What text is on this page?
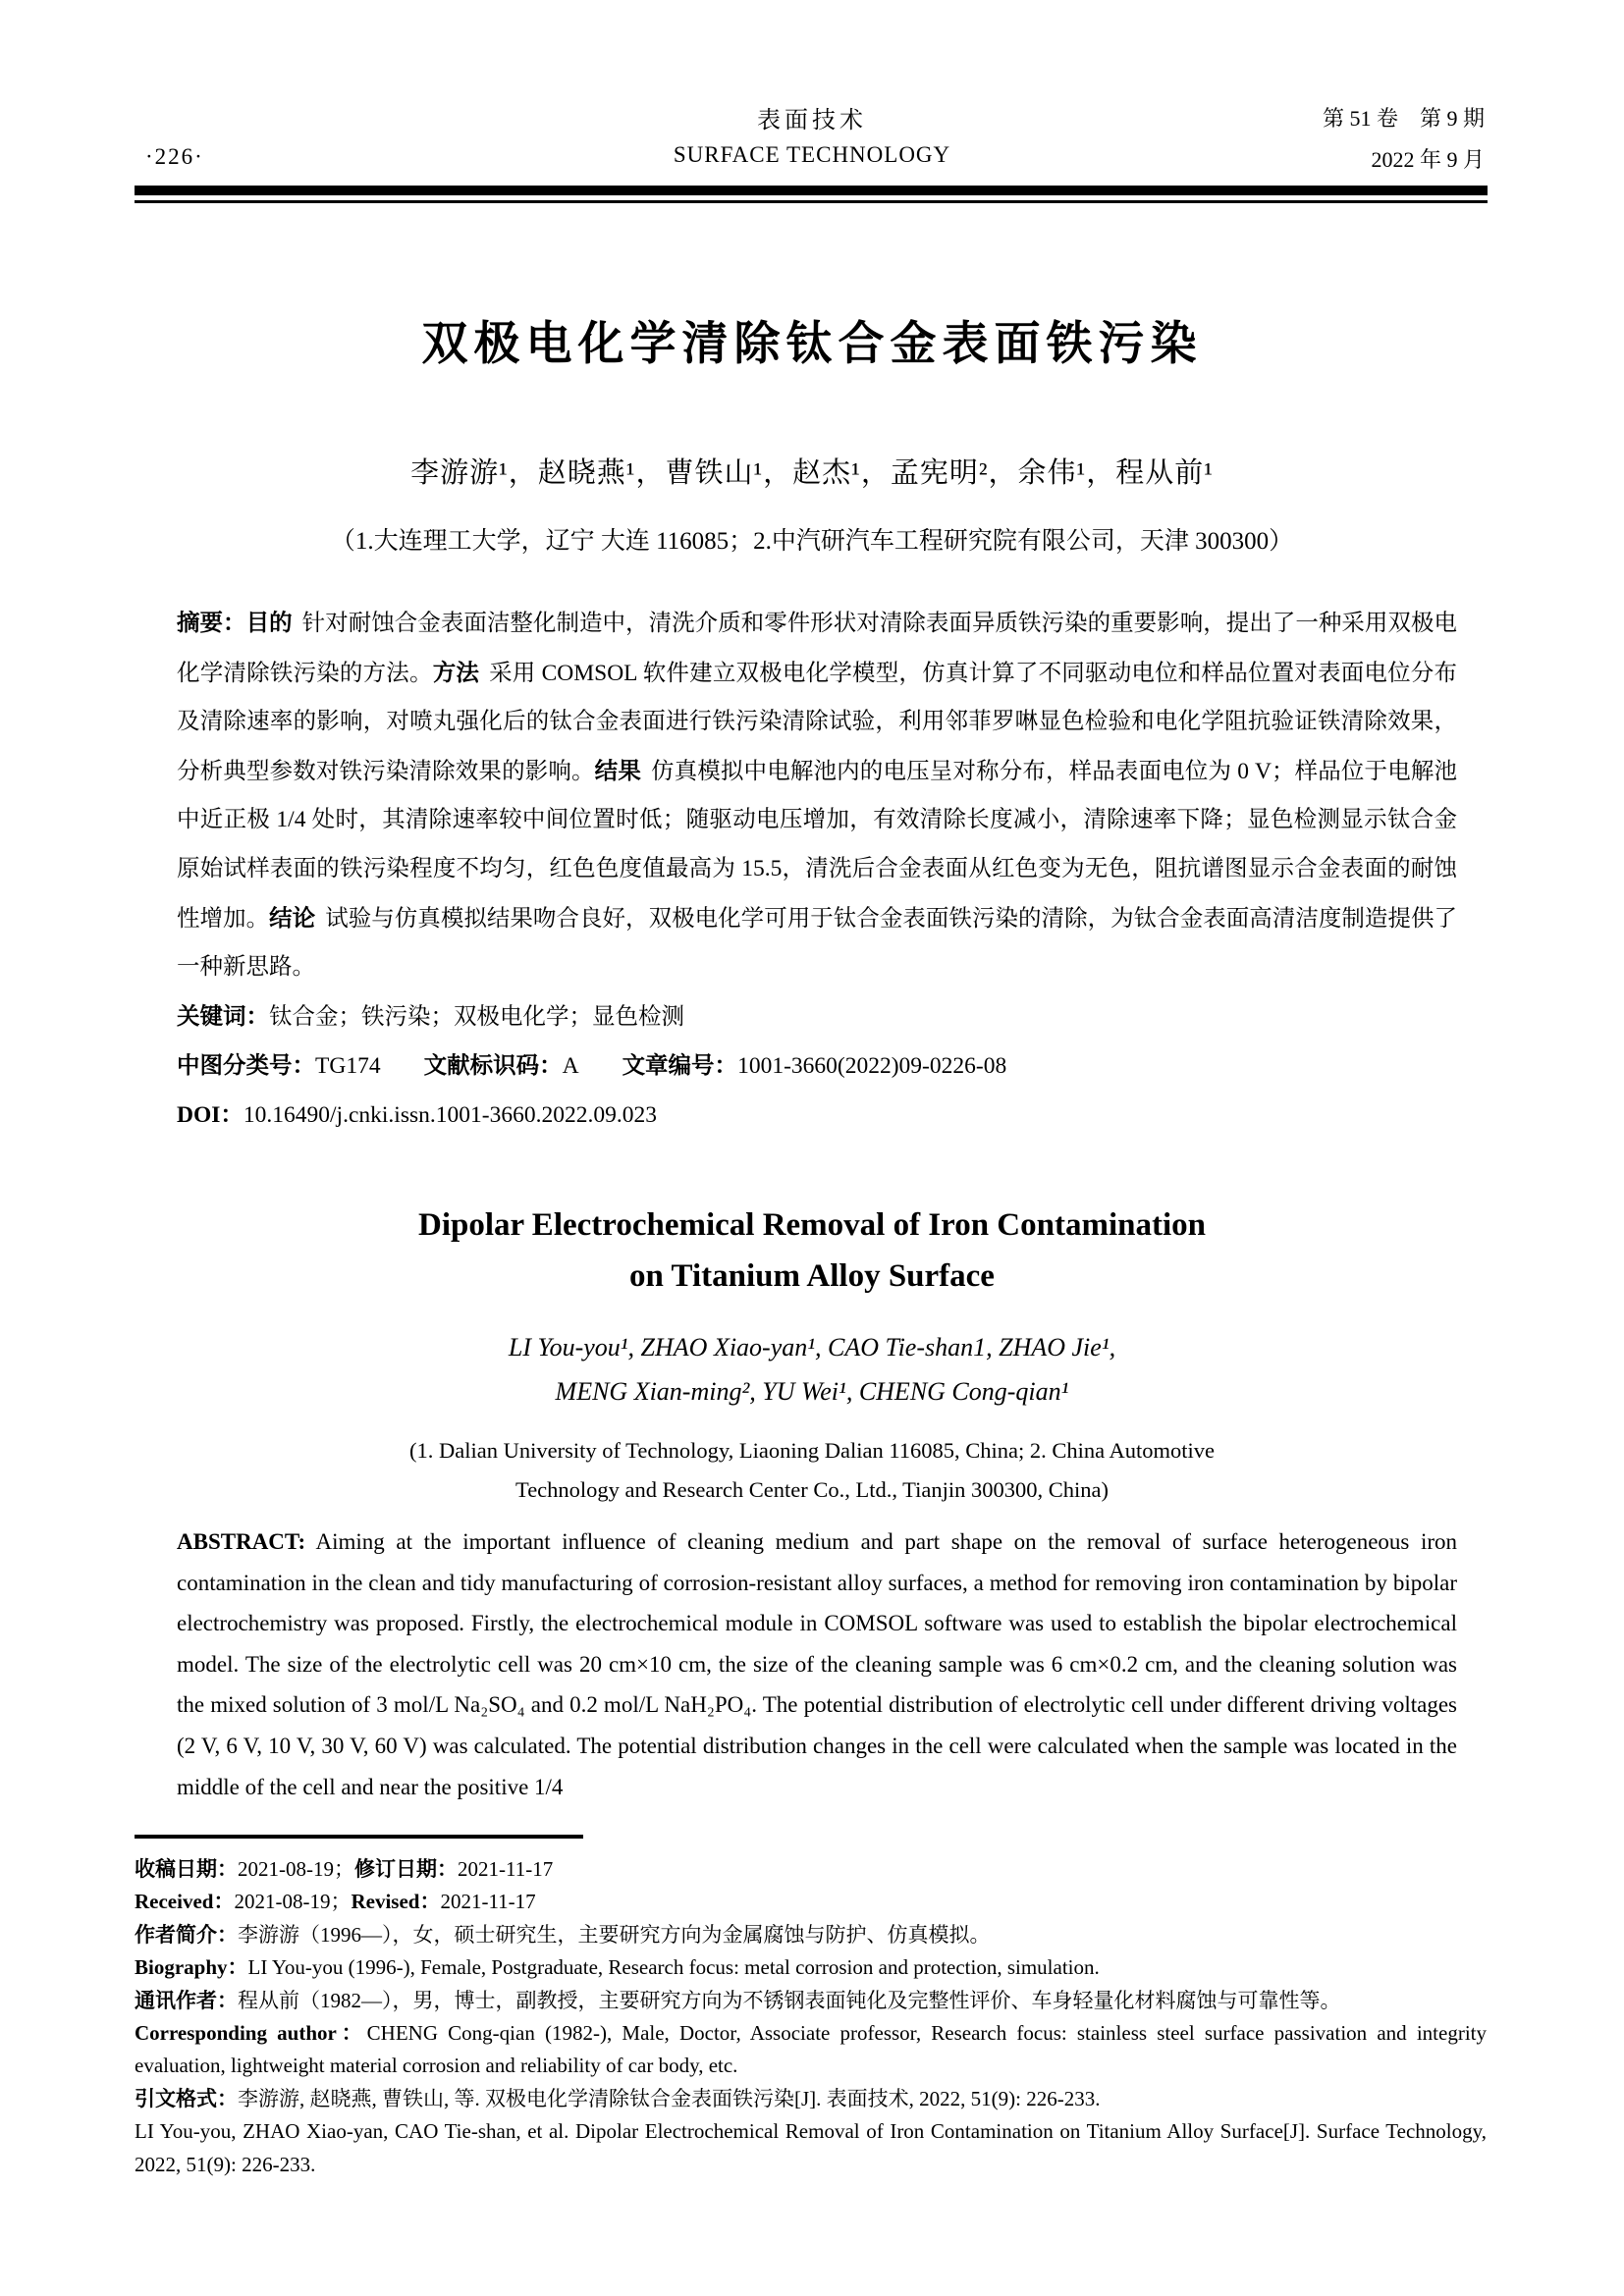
·226·
表面技术
SURFACE TECHNOLOGY
第 51 卷　第 9 期
2022 年 9 月
双极电化学清除钛合金表面铁污染
李游游¹，赵晓燕¹，曹铁山¹，赵杰¹，孟宪明²，余伟¹，程从前¹
（1.大连理工大学，辽宁 大连 116085；2.中汽研汽车工程研究院有限公司，天津 300300）

摘要：目的 针对耐蚀合金表面洁整化制造中，清洗介质和零件形状对清除表面异质铁污染的重要影响，提出了一种采用双极电化学清除铁污染的方法。方法 采用 COMSOL 软件建立双极电化学模型，仿真计算了不同驱动电位和样品位置对表面电位分布及清除速率的影响，对喷丸强化后的钛合金表面进行铁污染清除试验，利用邻菲罗啉显色检验和电化学阻抗验证铁清除效果，分析典型参数对铁污染清除效果的影响。结果 仿真模拟中电解池内的电压呈对称分布，样品表面电位为 0 V；样品位于电解池中近正极 1/4 处时，其清除速率较中间位置时低；随驱动电压增加，有效清除长度减小，清除速率下降；显色检测显示钛合金原始试样表面的铁污染程度不均匀，红色色度值最高为 15.5，清洗后合金表面从红色变为无色，阻抗谱图显示合金表面的耐蚀性增加。结论 试验与仿真模拟结果吻合良好，双极电化学可用于钛合金表面铁污染的清除，为钛合金表面高清洁度制造提供了一种新思路。

关键词：钛合金；铁污染；双极电化学；显色检测
中图分类号：TG174 文献标识码：A 文章编号：1001-3660(2022)09-0226-08
DOI：10.16490/j.cnki.issn.1001-3660.2022.09.023
Dipolar Electrochemical Removal of Iron Contamination
on Titanium Alloy Surface
LI You-you¹, ZHAO Xiao-yan¹, CAO Tie-shan1, ZHAO Jie¹,
MENG Xian-ming², YU Wei¹, CHENG Cong-qian¹
(1. Dalian University of Technology, Liaoning Dalian 116085, China; 2. China Automotive
Technology and Research Center Co., Ltd., Tianjin 300300, China)

ABSTRACT: Aiming at the important influence of cleaning medium and part shape on the removal of surface heterogeneous iron contamination in the clean and tidy manufacturing of corrosion-resistant alloy surfaces, a method for removing iron contamination by bipolar electrochemistry was proposed. Firstly, the electrochemical module in COMSOL software was used to establish the bipolar electrochemical model. The size of the electrolytic cell was 20 cm×10 cm, the size of the cleaning sample was 6 cm×0.2 cm, and the cleaning solution was the mixed solution of 3 mol/L Na₂SO₄ and 0.2 mol/L NaH₂PO₄. The potential distribution of electrolytic cell under different driving voltages (2 V, 6 V, 10 V, 30 V, 60 V) was calculated. The potential distribution changes in the cell were calculated when the sample was located in the middle of the cell and near the positive 1/4

收稿日期：2021-08-19；修订日期：2021-11-17
Received：2021-08-19；Revised：2021-11-17
作者简介：李游游（1996—），女，硕士研究生，主要研究方向为金属腐蚀与防护、仿真模拟。
Biography：LI You-you (1996-), Female, Postgraduate, Research focus: metal corrosion and protection, simulation.
通讯作者：程从前（1982—），男，博士，副教授，主要研究方向为不锈钢表面钝化及完整性评价、车身轻量化材料腐蚀与可靠性等。
Corresponding author：CHENG Cong-qian (1982-), Male, Doctor, Associate professor, Research focus: stainless steel surface passivation and integrity evaluation, lightweight material corrosion and reliability of car body, etc.
引文格式：李游游, 赵晓燕, 曹铁山, 等. 双极电化学清除钛合金表面铁污染[J]. 表面技术, 2022, 51(9): 226-233.
LI You-you, ZHAO Xiao-yan, CAO Tie-shan, et al. Dipolar Electrochemical Removal of Iron Contamination on Titanium Alloy Surface[J]. Surface Technology, 2022, 51(9): 226-233.
